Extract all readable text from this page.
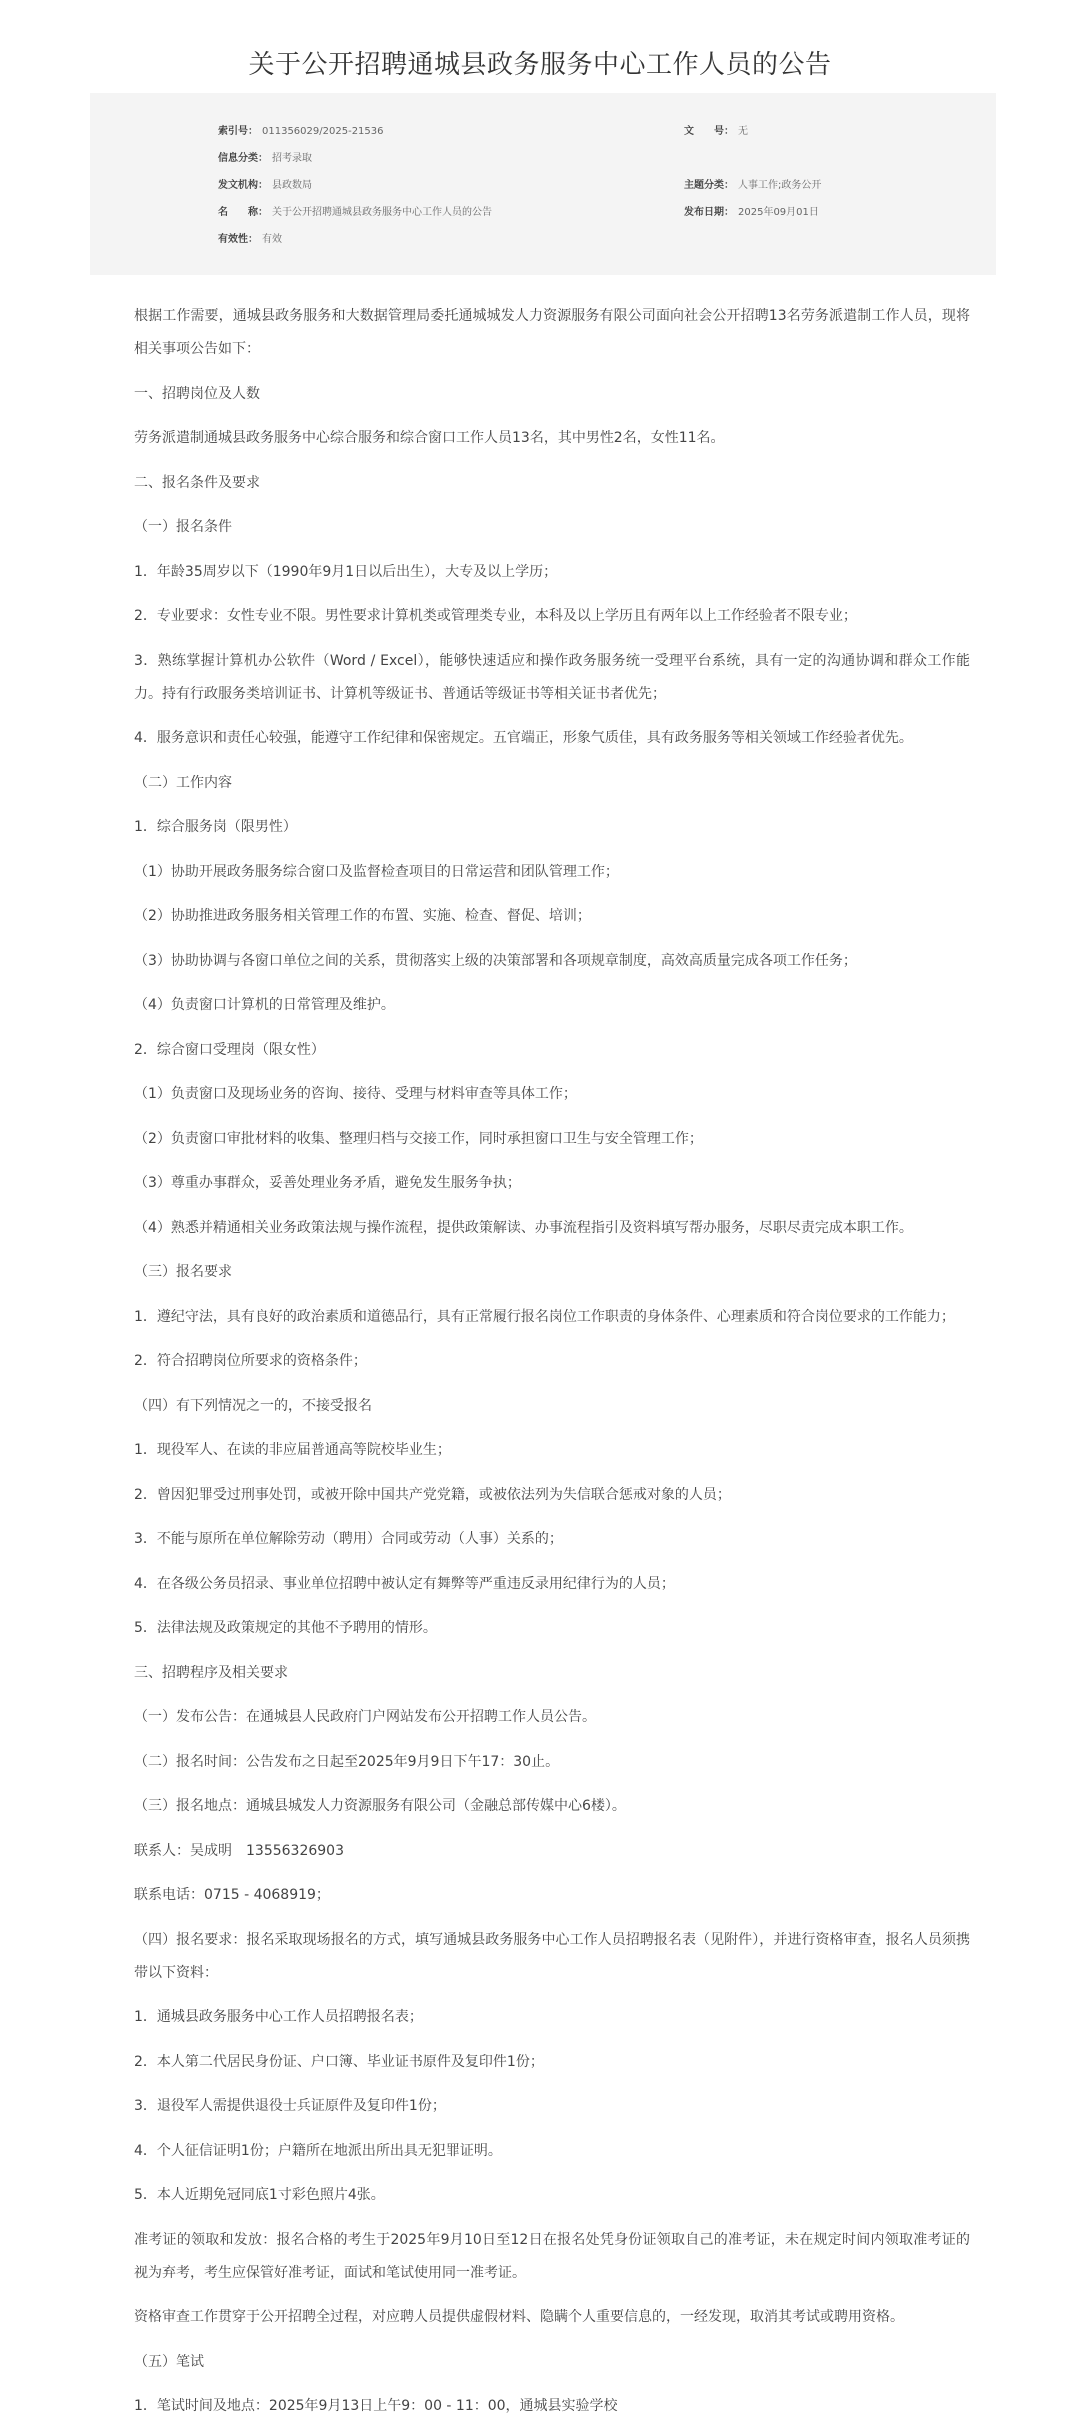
关于公开招聘通城县政务服务中心工作人员的公告
索引号： 011356029/2025-21536	文　　号： 无
信息分类： 招考录取
发文机构： 县政数局	主题分类： 人事工作;政务公开
名　　称： 关于公开招聘通城县政务服务中心工作人员的公告	发布日期： 2025年09月01日
有效性： 有效

根据工作需要，通城县政务服务和大数据管理局委托通城城发人力资源服务有限公司面向社会公开招聘13名劳务派遣制工作人员，现将相关事项公告如下：

一、招聘岗位及人数

劳务派遣制通城县政务服务中心综合服务和综合窗口工作人员13名，其中男性2名，女性11名。

二、报名条件及要求

（一）报名条件

1．年龄35周岁以下（1990年9月1日以后出生），大专及以上学历；

2．专业要求：女性专业不限。男性要求计算机类或管理类专业，本科及以上学历且有两年以上工作经验者不限专业；

3．熟练掌握计算机办公软件（Word / Excel），能够快速适应和操作政务服务统一受理平台系统，具有一定的沟通协调和群众工作能力。持有行政服务类培训证书、计算机等级证书、普通话等级证书等相关证书者优先；

4．服务意识和责任心较强，能遵守工作纪律和保密规定。五官端正，形象气质佳，具有政务服务等相关领域工作经验者优先。

（二）工作内容

1．综合服务岗（限男性）

（1）协助开展政务服务综合窗口及监督检查项目的日常运营和团队管理工作；

（2）协助推进政务服务相关管理工作的布置、实施、检查、督促、培训；

（3）协助协调与各窗口单位之间的关系，贯彻落实上级的决策部署和各项规章制度，高效高质量完成各项工作任务；

（4）负责窗口计算机的日常管理及维护。

2．综合窗口受理岗（限女性）

（1）负责窗口及现场业务的咨询、接待、受理与材料审查等具体工作；

（2）负责窗口审批材料的收集、整理归档与交接工作，同时承担窗口卫生与安全管理工作；

（3）尊重办事群众，妥善处理业务矛盾，避免发生服务争执；

（4）熟悉并精通相关业务政策法规与操作流程，提供政策解读、办事流程指引及资料填写帮办服务，尽职尽责完成本职工作。

（三）报名要求

1．遵纪守法，具有良好的政治素质和道德品行，具有正常履行报名岗位工作职责的身体条件、心理素质和符合岗位要求的工作能力；

2．符合招聘岗位所要求的资格条件；

（四）有下列情况之一的，不接受报名

1．现役军人、在读的非应届普通高等院校毕业生；

2．曾因犯罪受过刑事处罚，或被开除中国共产党党籍，或被依法列为失信联合惩戒对象的人员；

3．不能与原所在单位解除劳动（聘用）合同或劳动（人事）关系的；

4．在各级公务员招录、事业单位招聘中被认定有舞弊等严重违反录用纪律行为的人员；

5．法律法规及政策规定的其他不予聘用的情形。

三、招聘程序及相关要求

（一）发布公告：在通城县人民政府门户网站发布公开招聘工作人员公告。

（二）报名时间：公告发布之日起至2025年9月9日下午17：30止。

（三）报名地点：通城县城发人力资源服务有限公司（金融总部传媒中心6楼）。

联系人：吴成明　13556326903

联系电话：0715 - 4068919；

（四）报名要求：报名采取现场报名的方式，填写通城县政务服务中心工作人员招聘报名表（见附件），并进行资格审查，报名人员须携带以下资料：

1．通城县政务服务中心工作人员招聘报名表；

2．本人第二代居民身份证、户口簿、毕业证书原件及复印件1份；

3．退役军人需提供退役士兵证原件及复印件1份；

4．个人征信证明1份；户籍所在地派出所出具无犯罪证明。

5．本人近期免冠同底1寸彩色照片4张。

准考证的领取和发放：报名合格的考生于2025年9月10日至12日在报名处凭身份证领取自己的准考证，未在规定时间内领取准考证的视为弃考，考生应保管好准考证，面试和笔试使用同一准考证。

资格审查工作贯穿于公开招聘全过程，对应聘人员提供虚假材料、隐瞒个人重要信息的，一经发现，取消其考试或聘用资格。

（五）笔试

1．笔试时间及地点：2025年9月13日上午9：00 - 11：00，通城县实验学校
